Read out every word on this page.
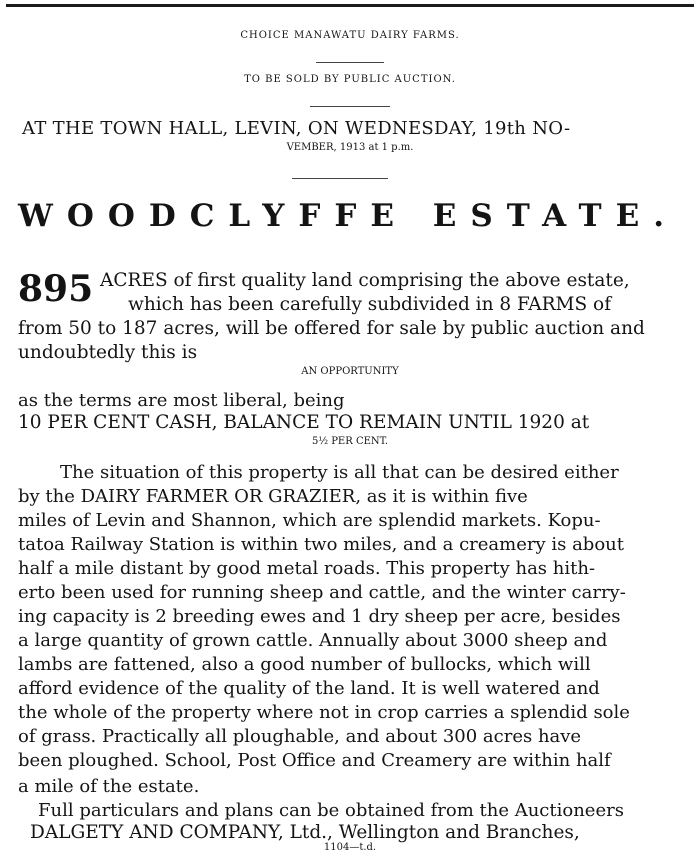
CHOICE MANAWATU DAIRY FARMS.
TO BE SOLD BY PUBLIC AUCTION.
AT THE TOWN HALL, LEVIN, ON WEDNESDAY, 19th NO-
VEMBER, 1913 at 1 p.m.
WOODCLYFFE ESTATE.
895 ACRES of first quality land comprising the above estate,
which has been carefully subdivided in 8 FARMS of
from 50 to 187 acres, will be offered for sale by public auction and
undoubtedly this is
AN OPPORTUNITY
as the terms are most liberal, being
10 PER CENT CASH, BALANCE TO REMAIN UNTIL 1920 at
5½ PER CENT.
The situation of this property is all that can be desired either
by the DAIRY FARMER OR GRAZIER, as it is within five
miles of Levin and Shannon, which are splendid markets. Kopu-
tatoa Railway Station is within two miles, and a creamery is about
half a mile distant by good metal roads. This property has hith-
erto been used for running sheep and cattle, and the winter carry-
ing capacity is 2 breeding ewes and 1 dry sheep per acre, besides
a large quantity of grown cattle. Annually about 3000 sheep and
lambs are fattened, also a good number of bullocks, which will
afford evidence of the quality of the land. It is well watered and
the whole of the property where not in crop carries a splendid sole
of grass. Practically all ploughable, and about 300 acres have
been ploughed. School, Post Office and Creamery are within half
a mile of the estate.
Full particulars and plans can be obtained from the Auctioneers
DALGETY AND COMPANY, Ltd., Wellington and Branches,
1104—t.d.
